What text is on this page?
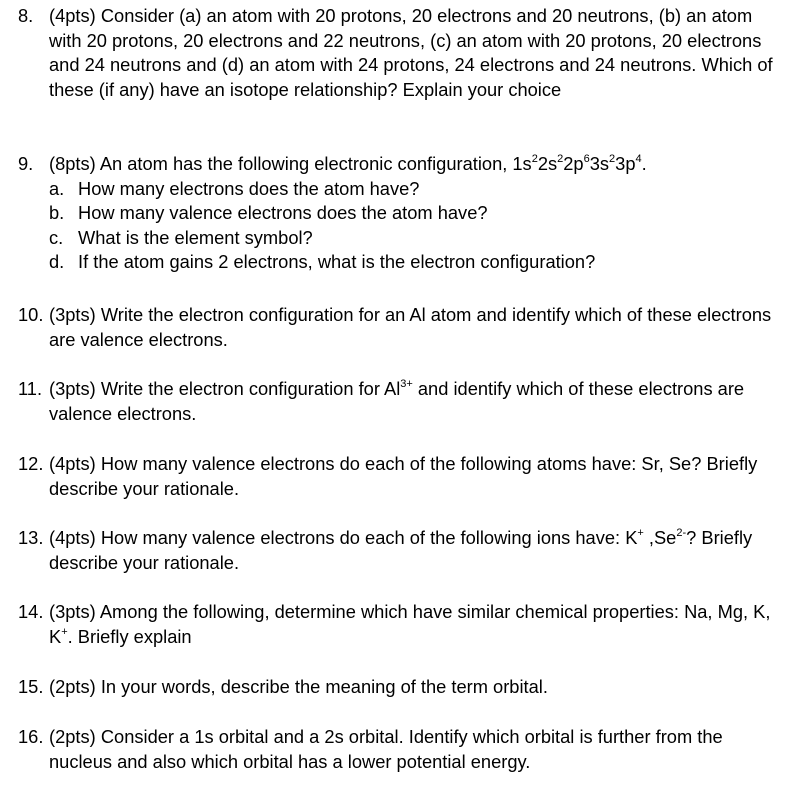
8. (4pts) Consider (a) an atom with 20 protons, 20 electrons and 20 neutrons, (b) an atom with 20 protons, 20 electrons and 22 neutrons, (c) an atom with 20 protons, 20 electrons and 24 neutrons and (d) an atom with 24 protons, 24 electrons and 24 neutrons. Which of these (if any) have an isotope relationship? Explain your choice
9. (8pts) An atom has the following electronic configuration, $1s^22s^22p^63s^23p^4$.
a. How many electrons does the atom have?
b. How many valence electrons does the atom have?
c. What is the element symbol?
d. If the atom gains 2 electrons, what is the electron configuration?
10. (3pts) Write the electron configuration for an Al atom and identify which of these electrons are valence electrons.
11. (3pts) Write the electron configuration for $Al^{3+}$ and identify which of these electrons are valence electrons.
12. (4pts) How many valence electrons do each of the following atoms have: Sr, Se? Briefly describe your rationale.
13. (4pts) How many valence electrons do each of the following ions have: K+ $,Se^{2-}$? Briefly describe your rationale.
14. (3pts) Among the following, determine which have similar chemical properties: Na, Mg, K, K+. Briefly explain
15. (2pts) In your words, describe the meaning of the term orbital.
16. (2pts) Consider a 1s orbital and a 2s orbital. Identify which orbital is further from the nucleus and also which orbital has a lower potential energy.
